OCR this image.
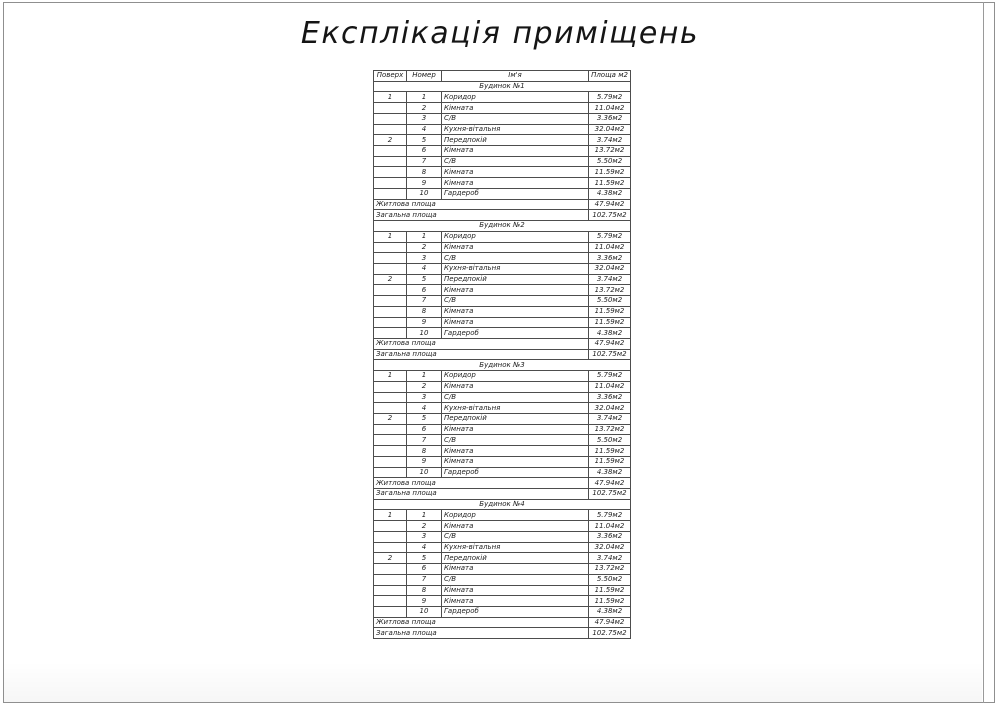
Експлікація приміщень
Поверх	Номер	Ім'я	Площа м2
Будинок №1			
1	1	Коридор	5.79м2
	2	Кімната	11.04м2
	3	С/В	3.36м2
	4	Кухня-вітальня	32.04м2
2	5	Передпокій	3.74м2
	6	Кімната	13.72м2
	7	С/В	5.50м2
	8	Кімната	11.59м2
	9	Кімната	11.59м2
	10	Гардероб	4.38м2
Житлова площа			47.94м2
Загальна площа			102.75м2
Будинок №2			
1	1	Коридор	5.79м2
	2	Кімната	11.04м2
	3	С/В	3.36м2
	4	Кухня-вітальня	32.04м2
2	5	Передпокій	3.74м2
	6	Кімната	13.72м2
	7	С/В	5.50м2
	8	Кімната	11.59м2
	9	Кімната	11.59м2
	10	Гардероб	4.38м2
Житлова площа			47.94м2
Загальна площа			102.75м2
Будинок №3			
1	1	Коридор	5.79м2
	2	Кімната	11.04м2
	3	С/В	3.36м2
	4	Кухня-вітальня	32.04м2
2	5	Передпокій	3.74м2
	6	Кімната	13.72м2
	7	С/В	5.50м2
	8	Кімната	11.59м2
	9	Кімната	11.59м2
	10	Гардероб	4.38м2
Житлова площа			47.94м2
Загальна площа			102.75м2
Будинок №4			
1	1	Коридор	5.79м2
	2	Кімната	11.04м2
	3	С/В	3.36м2
	4	Кухня-вітальня	32.04м2
2	5	Передпокій	3.74м2
	6	Кімната	13.72м2
	7	С/В	5.50м2
	8	Кімната	11.59м2
	9	Кімната	11.59м2
	10	Гардероб	4.38м2
Житлова площа			47.94м2
Загальна площа			102.75м2
